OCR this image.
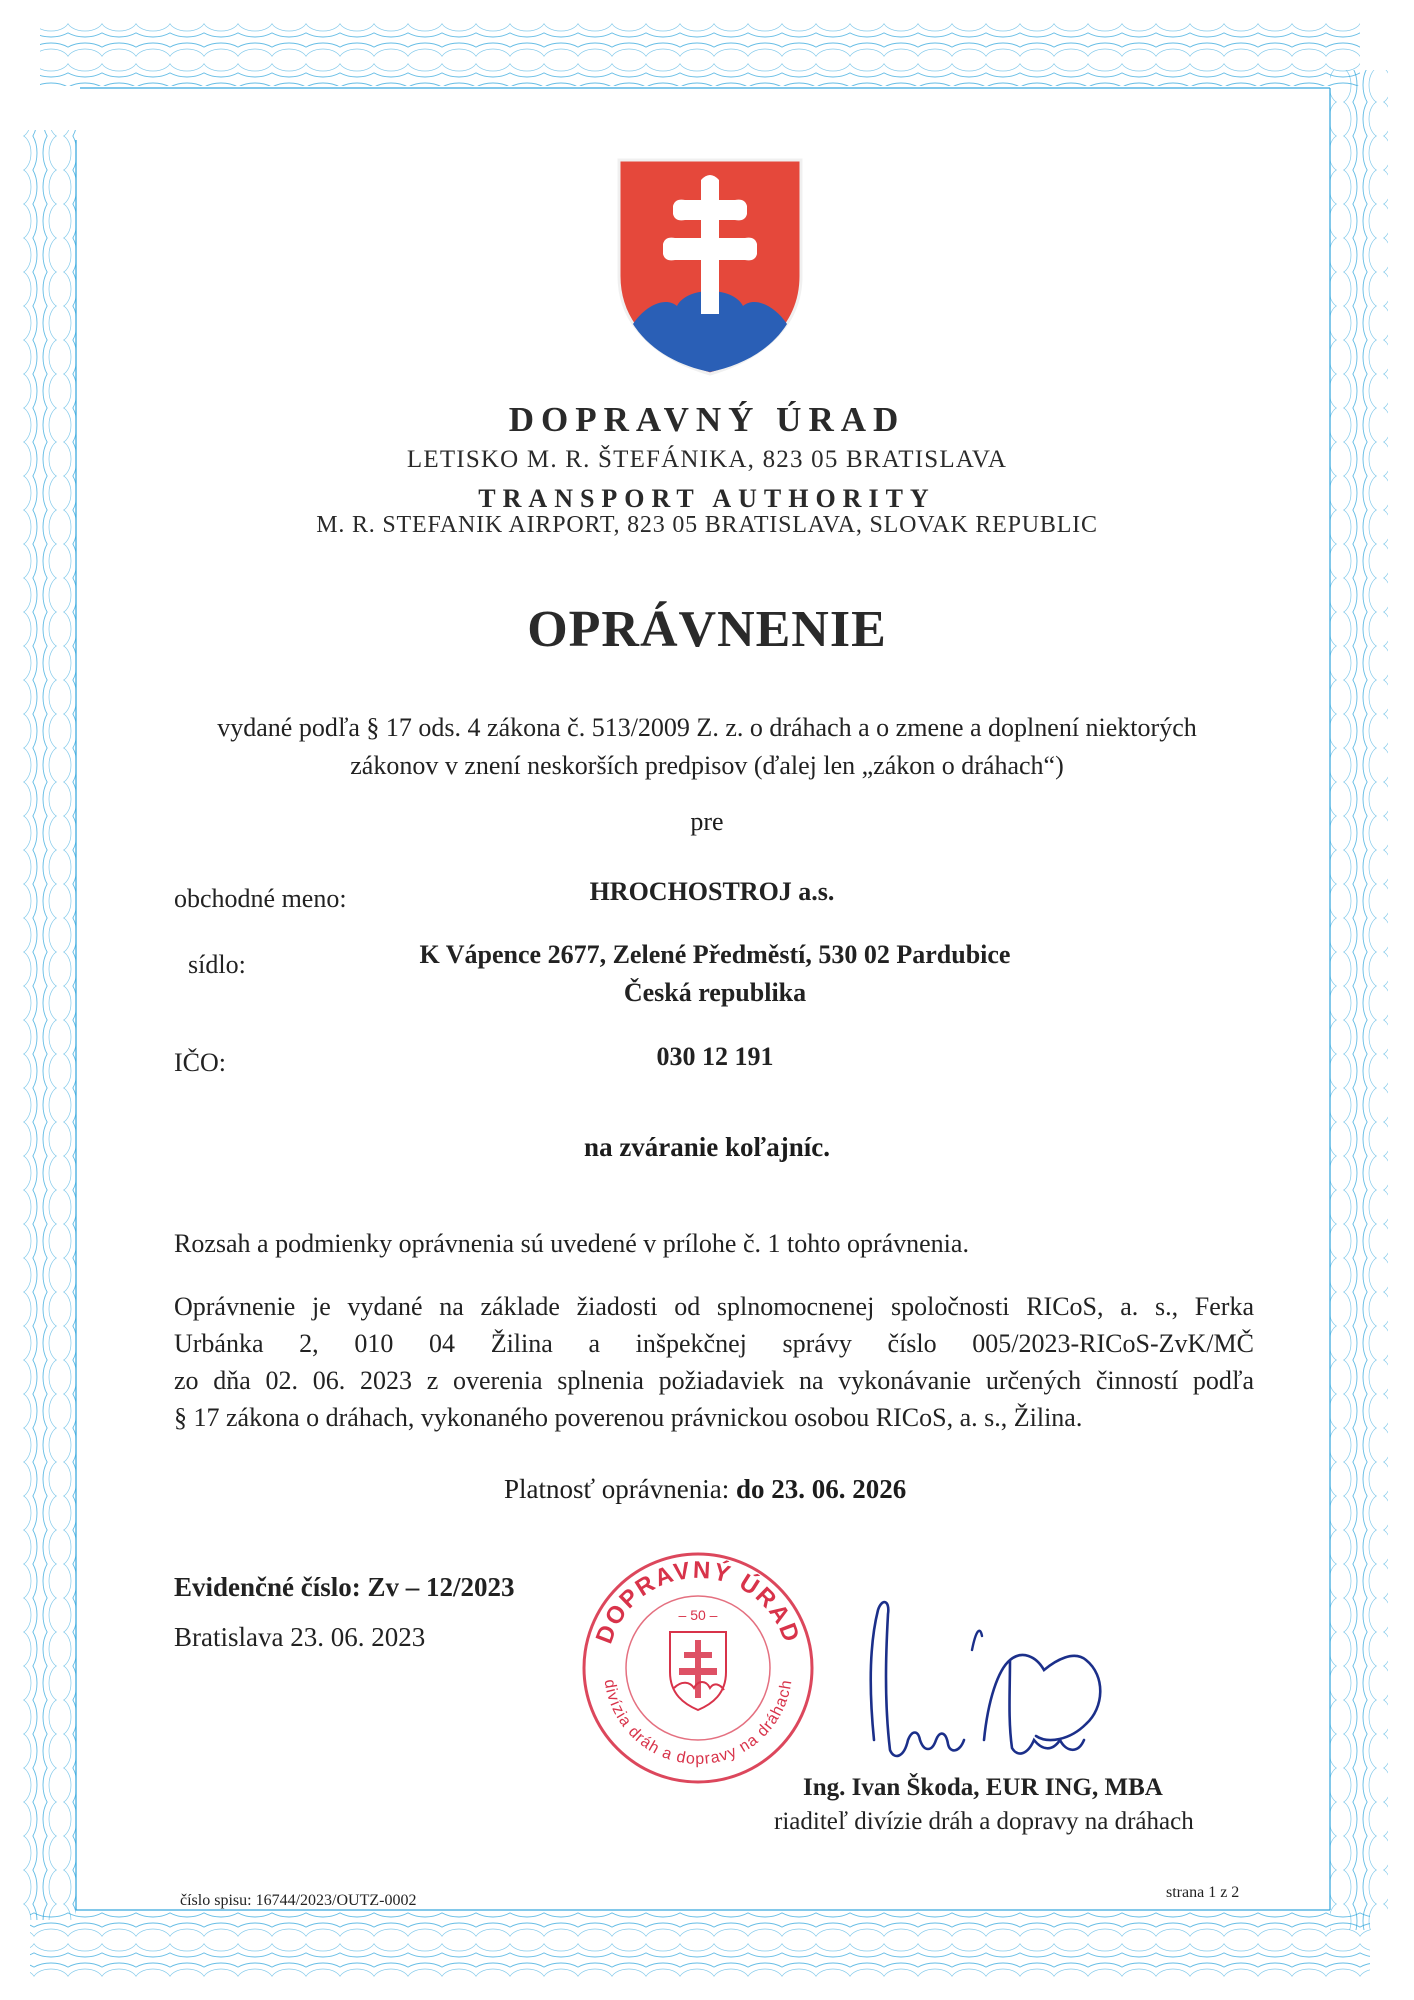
DOPRAVNÝ ÚRAD
LETISKO M. R. ŠTEFÁNIKA, 823 05 BRATISLAVA
TRANSPORT AUTHORITY
M. R. STEFANIK AIRPORT, 823 05 BRATISLAVA, SLOVAK REPUBLIC
OPRÁVNENIE
vydané podľa § 17 ods. 4 zákona č. 513/2009 Z. z. o dráhach a o zmene a doplnení niektorých
zákonov v znení neskorších predpisov (ďalej len „zákon o dráhach“)
pre
obchodné meno:	HROCHOSTROJ a.s.
sídlo:	K Vápence 2677, Zelené Předměstí, 530 02 Pardubice
Česká republika
IČO:	030 12 191
na zváranie koľajníc.
Rozsah a podmienky oprávnenia sú uvedené v prílohe č. 1 tohto oprávnenia.
Oprávnenie je vydané na základe žiadosti od splnomocnenej spoločnosti RICoS, a. s., Ferka
Urbánka 2, 010 04 Žilina a inšpekčnej správy číslo 005/2023-RICoS-ZvK/MČ
zo dňa 02. 06. 2023 z overenia splnenia požiadaviek na vykonávanie určených činností podľa
§ 17 zákona o dráhach, vykonaného poverenou právnickou osobou RICoS, a. s., Žilina.
Platnosť oprávnenia: do 23. 06. 2026
Evidenčné číslo: Zv – 12/2023
Bratislava 23. 06. 2023	DOPRAVNÝ ÚRAD
divízia dráh a dopravy na dráhach
– 50 –
Ing. Ivan Škoda, EUR ING, MBA
riaditeľ divízie dráh a dopravy na dráhach
číslo spisu: 16744/2023/OUTZ-0002	strana 1 z 2
